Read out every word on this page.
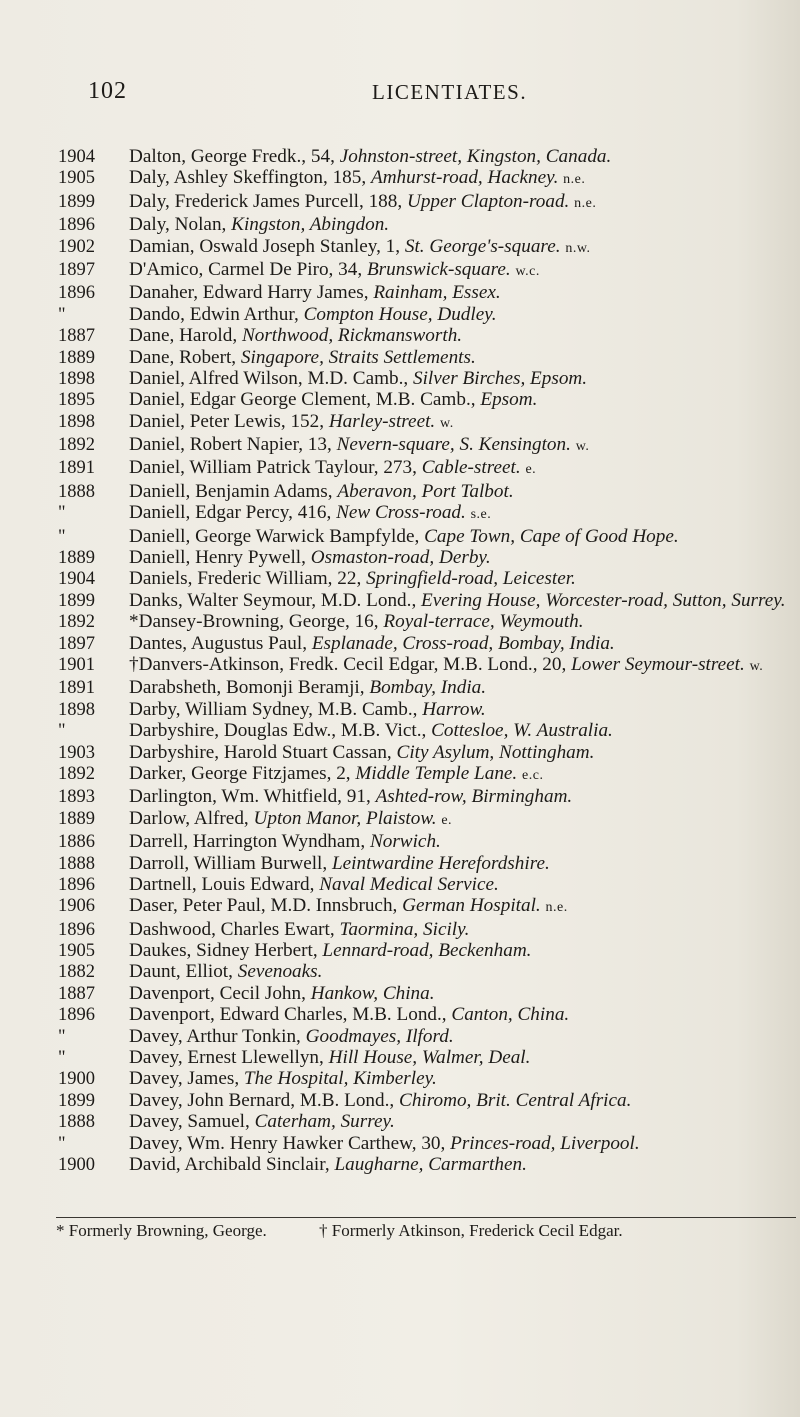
102	LICENTIATES.
1904	Dalton, George Fredk., 54, Johnston-street, Kingston, Canada.
1905	Daly, Ashley Skeffington, 185, Amhurst-road, Hackney. n.e.
1899	Daly, Frederick James Purcell, 188, Upper Clapton-road. n.e.
1896	Daly, Nolan, Kingston, Abingdon.
1902	Damian, Oswald Joseph Stanley, 1, St. George's-square. n.w.
1897	D'Amico, Carmel De Piro, 34, Brunswick-square. w.c.
1896	Danaher, Edward Harry James, Rainham, Essex.
"	Dando, Edwin Arthur, Compton House, Dudley.
1887	Dane, Harold, Northwood, Rickmansworth.
1889	Dane, Robert, Singapore, Straits Settlements.
1898	Daniel, Alfred Wilson, M.D. Camb., Silver Birches, Epsom.
1895	Daniel, Edgar George Clement, M.B. Camb., Epsom.
1898	Daniel, Peter Lewis, 152, Harley-street. w.
1892	Daniel, Robert Napier, 13, Nevern-square, S. Kensington. w.
1891	Daniel, William Patrick Taylour, 273, Cable-street. e.
1888	Daniell, Benjamin Adams, Aberavon, Port Talbot.
"	Daniell, Edgar Percy, 416, New Cross-road. s.e.
"	Daniell, George Warwick Bampfylde, Cape Town, Cape of Good Hope.
1889	Daniell, Henry Pywell, Osmaston-road, Derby.
1904	Daniels, Frederic William, 22, Springfield-road, Leicester.
1899	Danks, Walter Seymour, M.D. Lond., Evering House, Worcester-road, Sutton, Surrey.
1892	*Dansey-Browning, George, 16, Royal-terrace, Weymouth.
1897	Dantes, Augustus Paul, Esplanade, Cross-road, Bombay, India.
1901	†Danvers-Atkinson, Fredk. Cecil Edgar, M.B. Lond., 20, Lower Seymour-street. w.
1891	Darabsheth, Bomonji Beramji, Bombay, India.
1898	Darby, William Sydney, M.B. Camb., Harrow.
"	Darbyshire, Douglas Edw., M.B. Vict., Cottesloe, W. Australia.
1903	Darbyshire, Harold Stuart Cassan, City Asylum, Nottingham.
1892	Darker, George Fitzjames, 2, Middle Temple Lane. e.c.
1893	Darlington, Wm. Whitfield, 91, Ashted-row, Birmingham.
1889	Darlow, Alfred, Upton Manor, Plaistow. e.
1886	Darrell, Harrington Wyndham, Norwich.
1888	Darroll, William Burwell, Leintwardine Herefordshire.
1896	Dartnell, Louis Edward, Naval Medical Service.
1906	Daser, Peter Paul, M.D. Innsbruch, German Hospital. n.e.
1896	Dashwood, Charles Ewart, Taormina, Sicily.
1905	Daukes, Sidney Herbert, Lennard-road, Beckenham.
1882	Daunt, Elliot, Sevenoaks.
1887	Davenport, Cecil John, Hankow, China.
1896	Davenport, Edward Charles, M.B. Lond., Canton, China.
"	Davey, Arthur Tonkin, Goodmayes, Ilford.
"	Davey, Ernest Llewellyn, Hill House, Walmer, Deal.
1900	Davey, James, The Hospital, Kimberley.
1899	Davey, John Bernard, M.B. Lond., Chiromo, Brit. Central Africa.
1888	Davey, Samuel, Caterham, Surrey.
"	Davey, Wm. Henry Hawker Carthew, 30, Princes-road, Liverpool.
1900	David, Archibald Sinclair, Laugharne, Carmarthen.
* Formerly Browning, George.	† Formerly Atkinson, Frederick Cecil Edgar.
